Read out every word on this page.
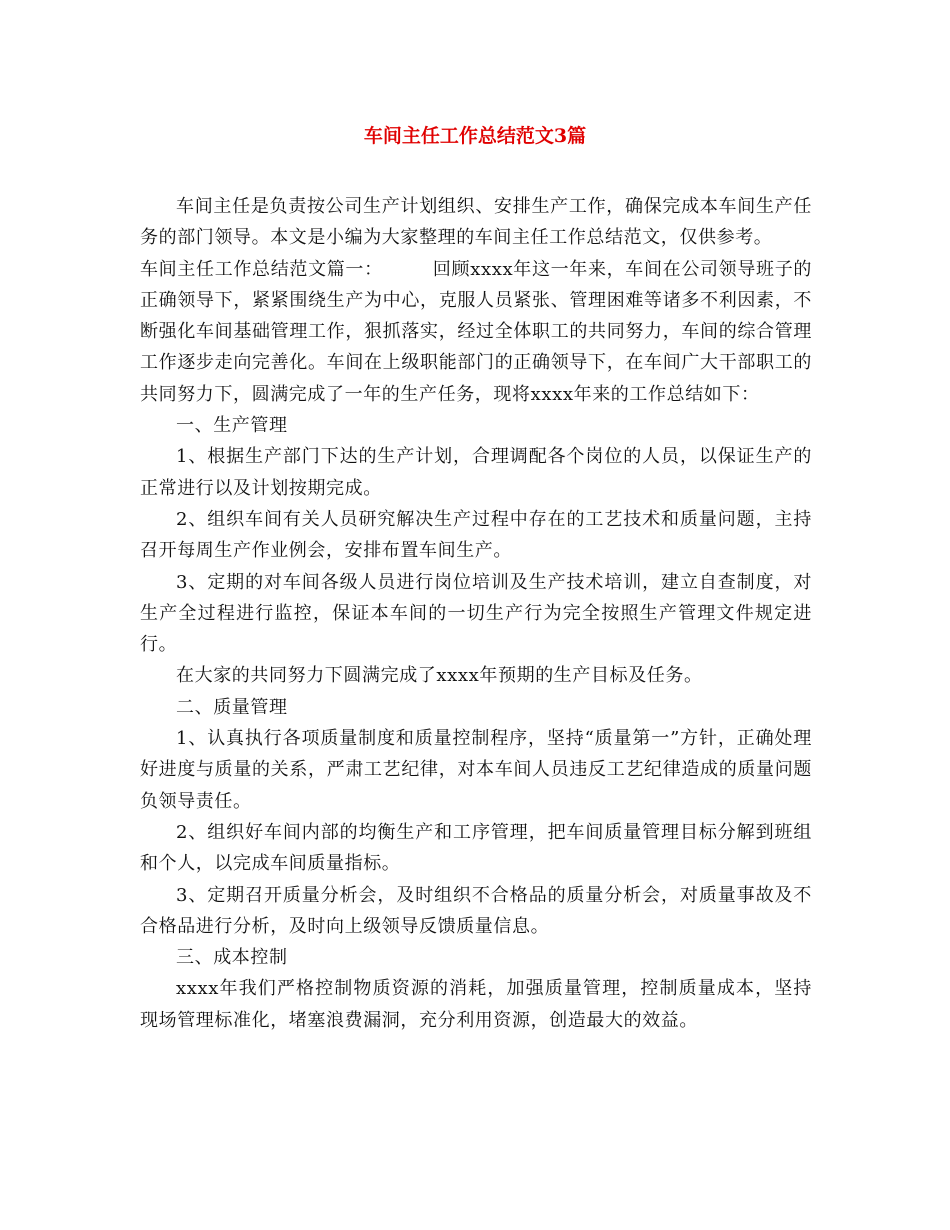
车间主任工作总结范文3篇

车间主任是负责按公司生产计划组织、安排生产工作，确保完成本车间生产任务的部门领导。本文是小编为大家整理的车间主任工作总结范文，仅供参考。

车间主任工作总结范文篇一：	回顾xxxx年这一年来，车间在公司领导班子的正确领导下，紧紧围绕生产为中心，克服人员紧张、管理困难等诸多不利因素，不断强化车间基础管理工作，狠抓落实，经过全体职工的共同努力，车间的综合管理工作逐步走向完善化。车间在上级职能部门的正确领导下，在车间广大干部职工的共同努力下，圆满完成了一年的生产任务，现将xxxx年来的工作总结如下：

一、生产管理

1、根据生产部门下达的生产计划，合理调配各个岗位的人员，以保证生产的正常进行以及计划按期完成。

2、组织车间有关人员研究解决生产过程中存在的工艺技术和质量问题，主持召开每周生产作业例会，安排布置车间生产。

3、定期的对车间各级人员进行岗位培训及生产技术培训，建立自查制度，对生产全过程进行监控，保证本车间的一切生产行为完全按照生产管理文件规定进行。

在大家的共同努力下圆满完成了xxxx年预期的生产目标及任务。

二、质量管理

1、认真执行各项质量制度和质量控制程序，坚持“质量第一”方针，正确处理好进度与质量的关系，严肃工艺纪律，对本车间人员违反工艺纪律造成的质量问题负领导责任。

2、组织好车间内部的均衡生产和工序管理，把车间质量管理目标分解到班组和个人，以完成车间质量指标。

3、定期召开质量分析会，及时组织不合格品的质量分析会，对质量事故及不合格品进行分析，及时向上级领导反馈质量信息。

三、成本控制

xxxx年我们严格控制物质资源的消耗，加强质量管理，控制质量成本，坚持现场管理标准化，堵塞浪费漏洞，充分利用资源，创造最大的效益。
